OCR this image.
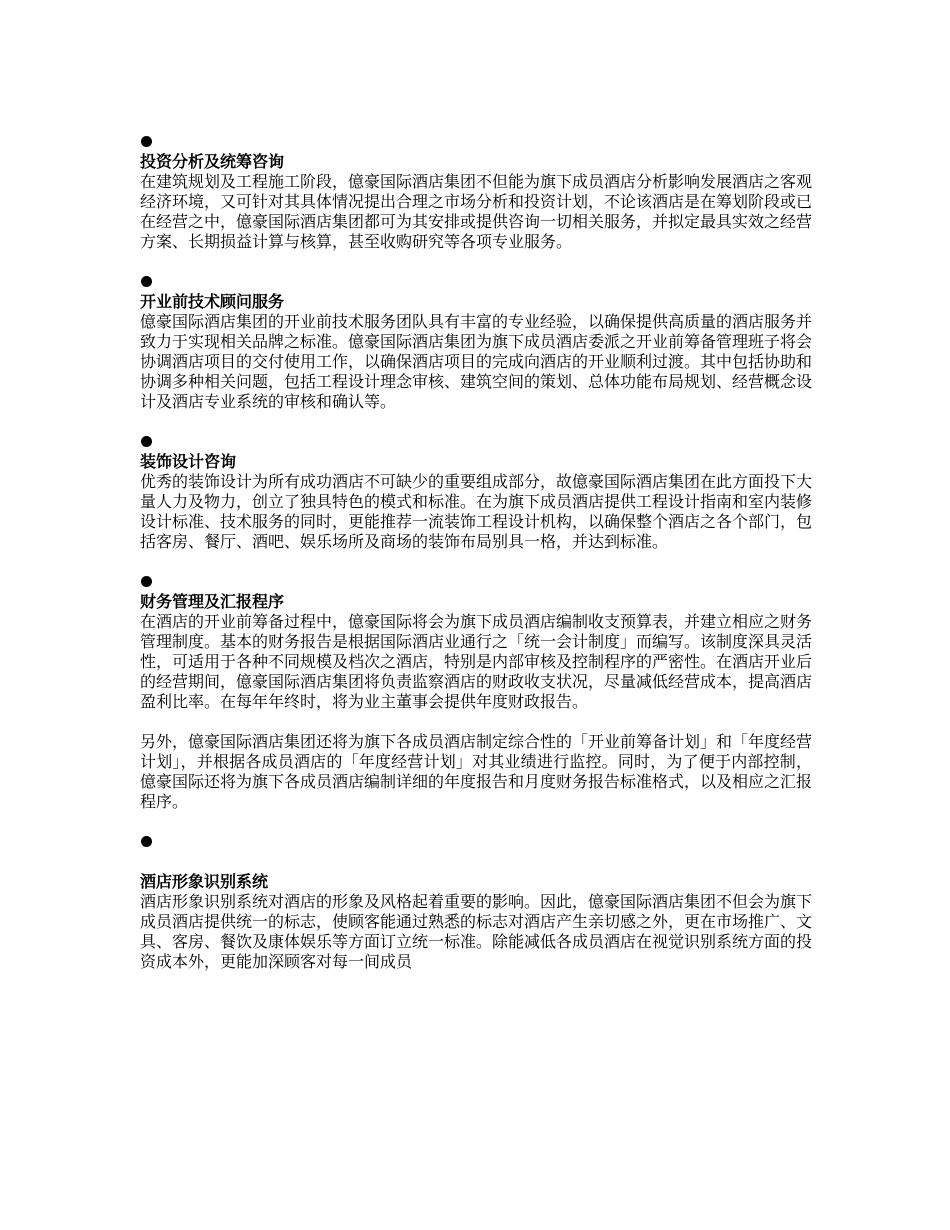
投资分析及统筹咨询

在建筑规划及工程施工阶段，億豪国际酒店集团不但能为旗下成员酒店分析影响发展酒店之客观经济环境，又可针对其具体情况提出合理之市场分析和投资计划，不论该酒店是在筹划阶段或已在经营之中，億豪国际酒店集团都可为其安排或提供咨询一切相关服务，并拟定最具实效之经营方案、长期损益计算与核算，甚至收购研究等各项专业服务。

开业前技术顾问服务

億豪国际酒店集团的开业前技术服务团队具有丰富的专业经验，以确保提供高质量的酒店服务并致力于实现相关品牌之标准。億豪国际酒店集团为旗下成员酒店委派之开业前筹备管理班子将会协调酒店项目的交付使用工作，以确保酒店项目的完成向酒店的开业顺利过渡。其中包括协助和协调多种相关问题，包括工程设计理念审核、建筑空间的策划、总体功能布局规划、经营概念设计及酒店专业系统的审核和确认等。

装饰设计咨询

优秀的装饰设计为所有成功酒店不可缺少的重要组成部分，故億豪国际酒店集团在此方面投下大量人力及物力，创立了独具特色的模式和标准。在为旗下成员酒店提供工程设计指南和室内装修设计标准、技术服务的同时，更能推荐一流装饰工程设计机构，以确保整个酒店之各个部门，包括客房、餐厅、酒吧、娱乐场所及商场的装饰布局别具一格，并达到标准。

财务管理及汇报程序

在酒店的开业前筹备过程中，億豪国际将会为旗下成员酒店编制收支预算表，并建立相应之财务管理制度。基本的财务报告是根据国际酒店业通行之「统一会计制度」而编写。该制度深具灵活性，可适用于各种不同规模及档次之酒店，特别是内部审核及控制程序的严密性。在酒店开业后的经营期间，億豪国际酒店集团将负责监察酒店的财政收支状况，尽量减低经营成本，提高酒店盈利比率。在每年年终时，将为业主董事会提供年度财政报告。

另外，億豪国际酒店集团还将为旗下各成员酒店制定综合性的「开业前筹备计划」和「年度经营计划」，并根据各成员酒店的「年度经营计划」对其业绩进行监控。同时，为了便于内部控制，億豪国际还将为旗下各成员酒店编制详细的年度报告和月度财务报告标准格式，以及相应之汇报程序。

酒店形象识别系统

酒店形象识别系统对酒店的形象及风格起着重要的影响。因此，億豪国际酒店集团不但会为旗下成员酒店提供统一的标志，使顾客能通过熟悉的标志对酒店产生亲切感之外，更在市场推广、文具、客房、餐饮及康体娱乐等方面订立统一标准。除能减低各成员酒店在视觉识别系统方面的投资成本外，更能加深顾客对每一间成员
